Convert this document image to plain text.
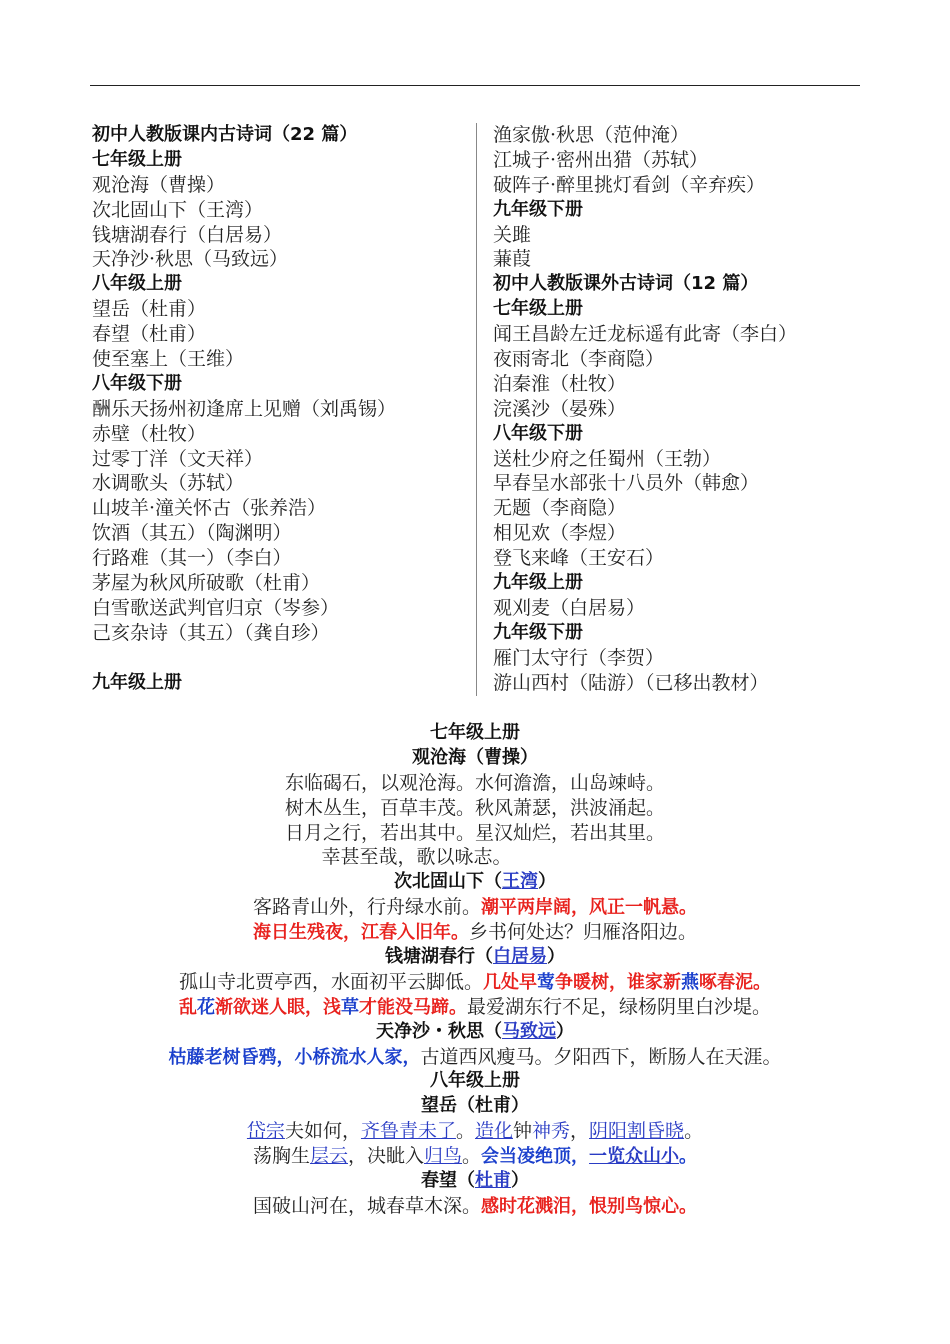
初中人教版课内古诗词（22 篇）
七年级上册
观沧海（曹操）
次北固山下（王湾）
钱塘湖春行（白居易）
天净沙·秋思（马致远）
八年级上册
望岳（杜甫）
春望（杜甫）
使至塞上（王维）
八年级下册
酬乐天扬州初逢席上见赠（刘禹锡）
赤壁（杜牧）
过零丁洋（文天祥）
水调歌头（苏轼）
山坡羊·潼关怀古（张养浩）
饮酒（其五）（陶渊明）
行路难（其一）（李白）
茅屋为秋风所破歌（杜甫）
白雪歌送武判官归京（岑参）
己亥杂诗（其五）（龚自珍）
九年级上册
渔家傲·秋思（范仲淹）
江城子·密州出猎（苏轼）
破阵子·醉里挑灯看剑（辛弃疾）
九年级下册
关雎
蒹葭
初中人教版课外古诗词（12 篇）
七年级上册
闻王昌龄左迁龙标遥有此寄（李白）
夜雨寄北（李商隐）
泊秦淮（杜牧）
浣溪沙（晏殊）
八年级下册
送杜少府之任蜀州（王勃）
早春呈水部张十八员外（韩愈）
无题（李商隐）
相见欢（李煜）
登飞来峰（王安石）
九年级上册
观刈麦（白居易）
九年级下册
雁门太守行（李贺）
游山西村（陆游）（已移出教材）
七年级上册
观沧海（曹操）
东临碣石，以观沧海。水何澹澹，山岛竦峙。
树木丛生，百草丰茂。秋风萧瑟，洪波涌起。
日月之行，若出其中。星汉灿烂，若出其里。
幸甚至哉，歌以咏志。
次北固山下（王湾）
客路青山外，行舟绿水前。潮平两岸阔，风正一帆悬。
海日生残夜，江春入旧年。乡书何处达？归雁洛阳边。
钱塘湖春行（白居易）
孤山寺北贾亭西，水面初平云脚低。几处早莺争暖树，谁家新燕啄春泥。
乱花渐欲迷人眼，浅草才能没马蹄。最爱湖东行不足，绿杨阴里白沙堤。
天净沙・秋思（马致远）
枯藤老树昏鸦，小桥流水人家，古道西风瘦马。夕阳西下，断肠人在天涯。
八年级上册
望岳（杜甫）
岱宗夫如何，齐鲁青未了。造化钟神秀，阴阳割昏晓。
荡胸生层云，决眦入归鸟。会当凌绝顶，一览众山小。
春望（杜甫）
国破山河在，城春草木深。感时花溅泪，恨别鸟惊心。
